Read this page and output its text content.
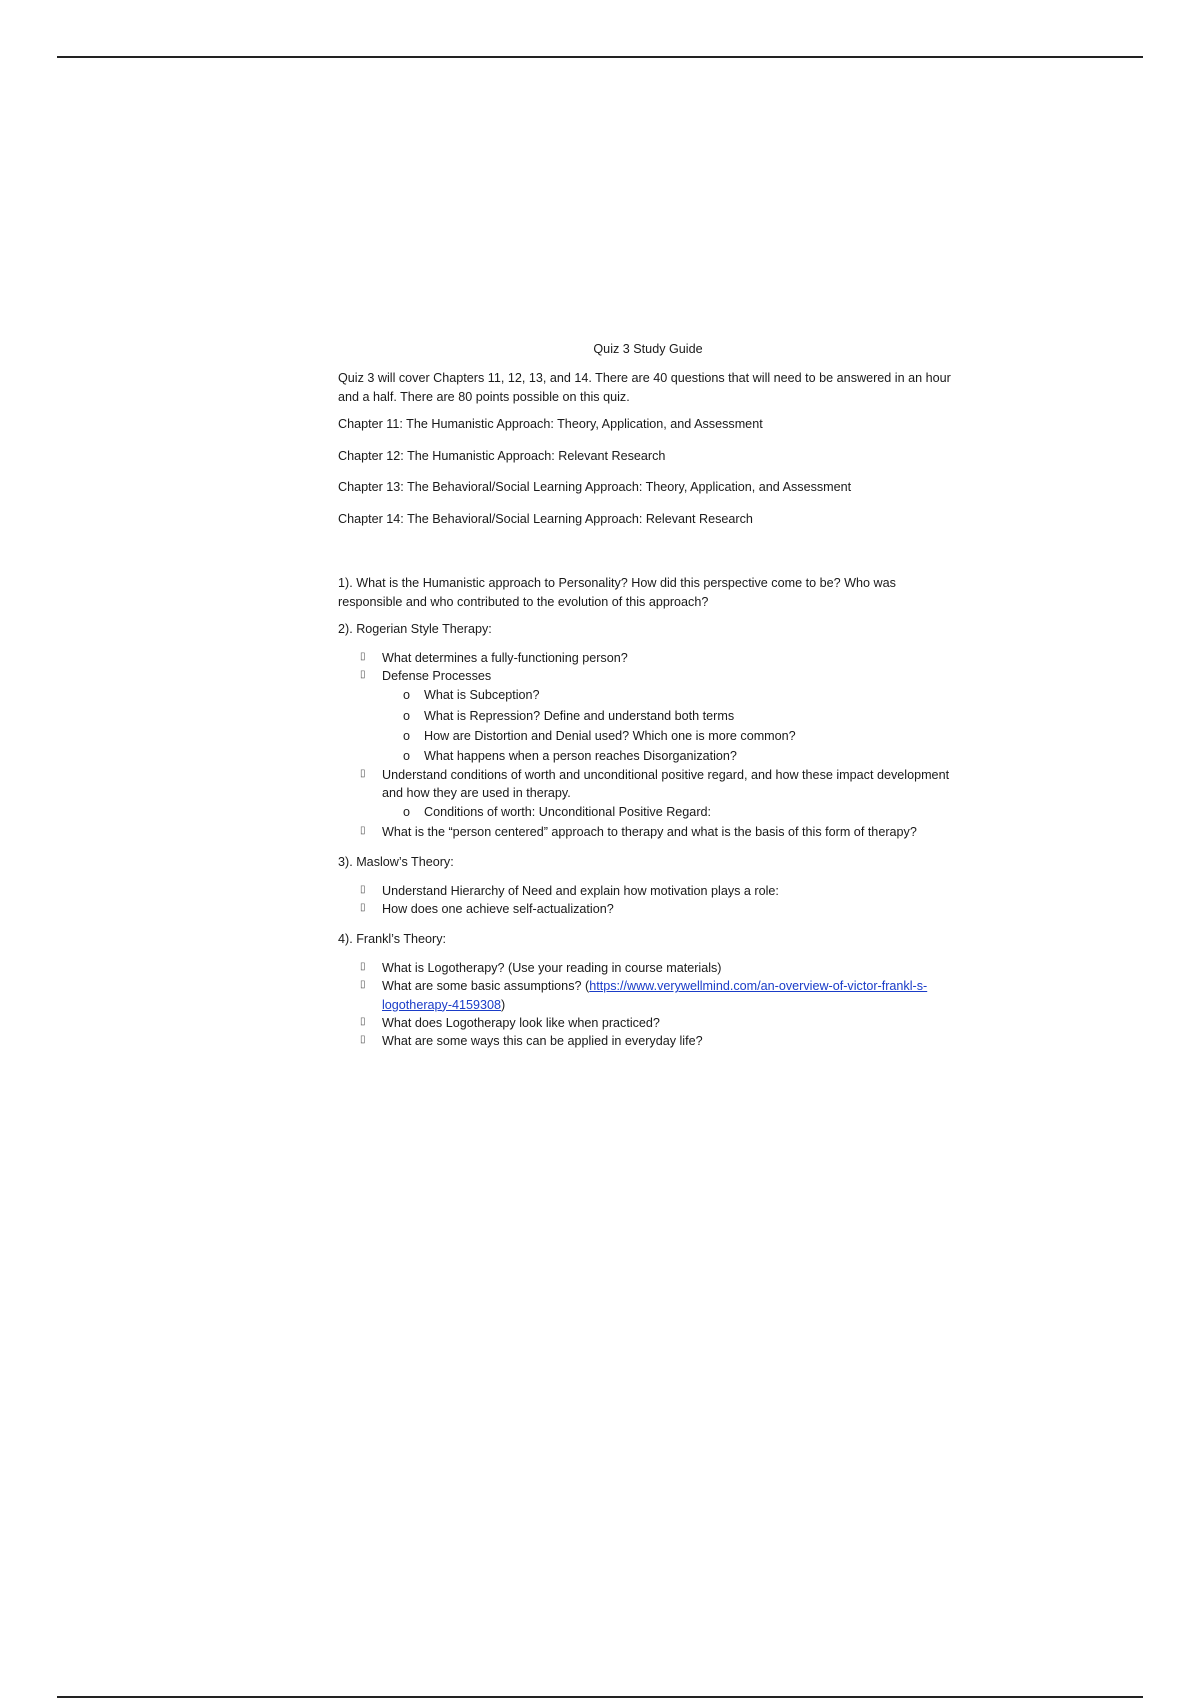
Quiz 3 Study Guide

Quiz 3 will cover Chapters 11, 12, 13, and 14. There are 40 questions that will need to be answered in an hour and a half. There are 80 points possible on this quiz.

Chapter 11: The Humanistic Approach: Theory, Application, and Assessment

Chapter 12: The Humanistic Approach: Relevant Research

Chapter 13: The Behavioral/Social Learning Approach: Theory, Application, and Assessment

Chapter 14: The Behavioral/Social Learning Approach: Relevant Research

1). What is the Humanistic approach to Personality? How did this perspective come to be? Who was responsible and who contributed to the evolution of this approach?

2). Rogerian Style Therapy:

▯ What determines a fully-functioning person?
▯ Defense Processes
o What is Subception?
o What is Repression? Define and understand both terms
o How are Distortion and Denial used? Which one is more common?
o What happens when a person reaches Disorganization?
▯ Understand conditions of worth and unconditional positive regard, and how these impact development and how they are used in therapy.
o Conditions of worth: Unconditional Positive Regard:
▯ What is the “person centered” approach to therapy and what is the basis of this form of therapy?

3). Maslow’s Theory:

▯ Understand Hierarchy of Need and explain how motivation plays a role:
▯ How does one achieve self-actualization?

4). Frankl’s Theory:

▯ What is Logotherapy? (Use your reading in course materials)
▯ What are some basic assumptions? (https://www.verywellmind.com/an-overview-of-victor-frankl-s-logotherapy-4159308)
▯ What does Logotherapy look like when practiced?
▯ What are some ways this can be applied in everyday life?
